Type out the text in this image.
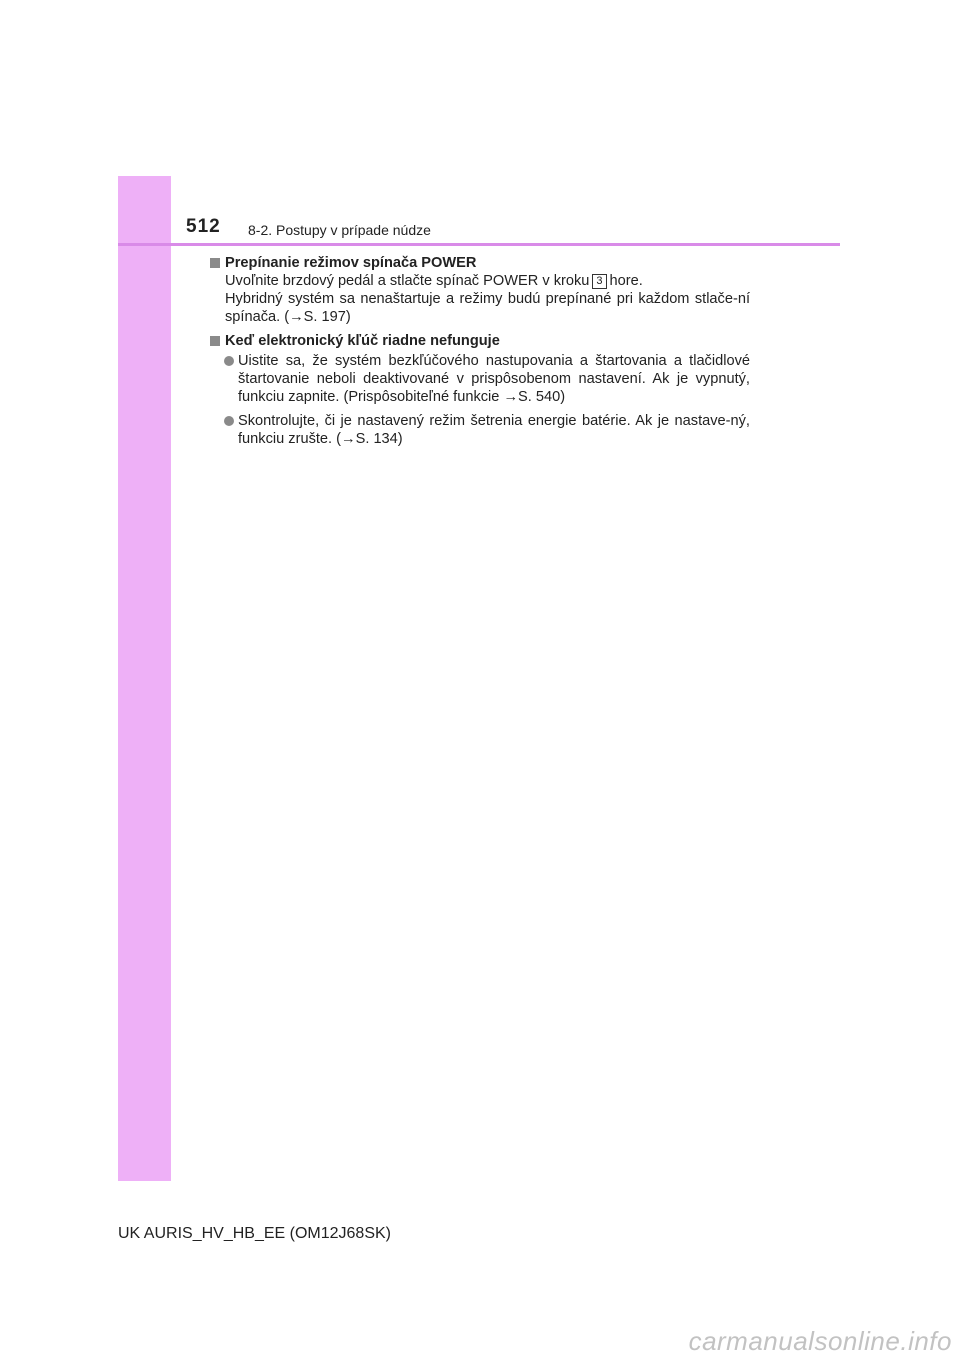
512 8-2. Postupy v prípade núdze
Prepínanie režimov spínača POWER
Uvoľnite brzdový pedál a stlačte spínač POWER v kroku 3 hore.
Hybridný systém sa nenaštartuje a režimy budú prepínané pri každom stlače-ní spínača. (→S. 197)
Keď elektronický kľúč riadne nefunguje
Uistite sa, že systém bezkľúčového nastupovania a štartovania a tlačidlové štartovanie neboli deaktivované v prispôsobenom nastavení. Ak je vypnutý, funkciu zapnite. (Prispôsobiteľné funkcie →S. 540)
Skontrolujte, či je nastavený režim šetrenia energie batérie. Ak je nastave-ný, funkciu zrušte. (→S. 134)
UK AURIS_HV_HB_EE (OM12J68SK)
carmanualsonline.info
